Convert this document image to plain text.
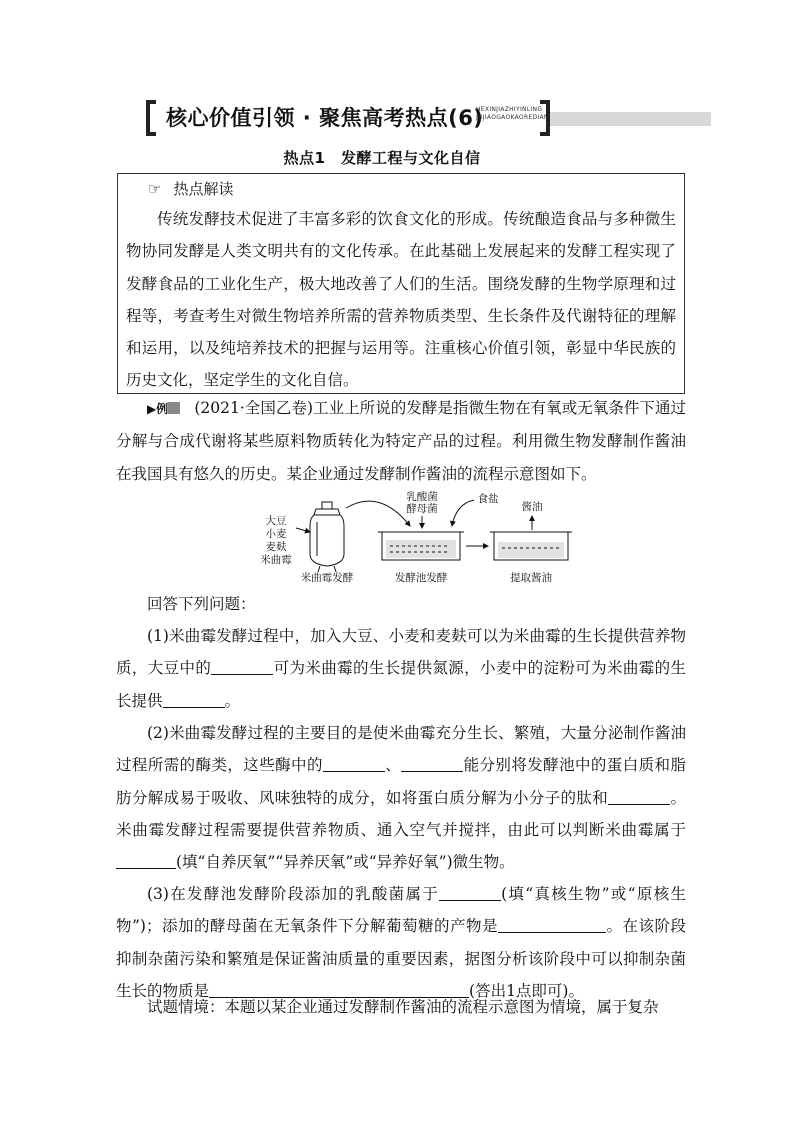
核心价值引领 · 聚焦高考热点(6)
HEXINJIAZHIYINLING
JUJIAOGAOKAOREDIAN
热点1　发酵工程与文化自信
☞ 热点解读
传统发酵技术促进了丰富多彩的饮食文化的形成。传统酿造食品与多种微生物协同发酵是人类文明共有的文化传承。在此基础上发展起来的发酵工程实现了发酵食品的工业化生产，极大地改善了人们的生活。围绕发酵的生物学原理和过程等，考查考生对微生物培养所需的营养物质类型、生长条件及代谢特征的理解和运用，以及纯培养技术的把握与运用等。注重核心价值引领，彰显中华民族的历史文化，坚定学生的文化自信。
▶例 (2021·全国乙卷)工业上所说的发酵是指微生物在有氧或无氧条件下通过分解与合成代谢将某些原料物质转化为特定产品的过程。利用微生物发酵制作酱油在我国具有悠久的历史。某企业通过发酵制作酱油的流程示意图如下。
大豆
小麦
麦麸
米曲霉
米曲霉发酵
乳酸菌
酵母菌
食盐
发酵池发酵
酱油
提取酱油
回答下列问题：
(1)米曲霉发酵过程中，加入大豆、小麦和麦麸可以为米曲霉的生长提供营养物质，大豆中的	可为米曲霉的生长提供氮源，小麦中的淀粉可为米曲霉的生长提供	。
(2)米曲霉发酵过程的主要目的是使米曲霉充分生长、繁殖，大量分泌制作酱油过程所需的酶类，这些酶中的	、	能分别将发酵池中的蛋白质和脂肪分解成易于吸收、风味独特的成分，如将蛋白质分解为小分子的肽和	。米曲霉发酵过程需要提供营养物质、通入空气并搅拌，由此可以判断米曲霉属于(填“自养厌氧”“异养厌氧”或“异养好氧”)微生物。
(3)在发酵池发酵阶段添加的乳酸菌属于	(填“真核生物”或“原核生物”)；添加的酵母菌在无氧条件下分解葡萄糖的产物是	。在该阶段抑制杂菌污染和繁殖是保证酱油质量的重要因素，据图分析该阶段中可以抑制杂菌生长的物质是	(答出1点即可)。
试题情境：本题以某企业通过发酵制作酱油的流程示意图为情境，属于复杂
